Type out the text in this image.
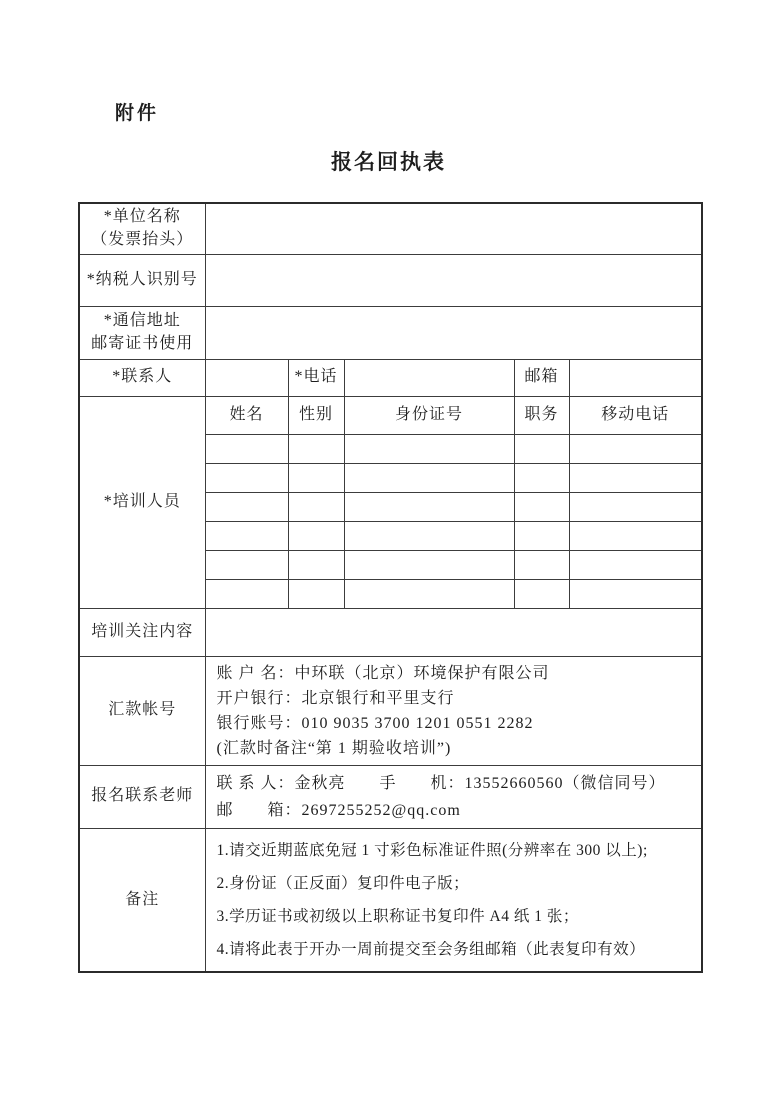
附件
报名回执表
*单位名称
（发票抬头）					

*纳税人识别号					

*通信地址
邮寄证书使用					

*联系人		*电话		邮箱	
*培训人员	姓名	性别	身份证号	职务	移动电话

培训关注内容					
汇款帐号	账 户 名：中环联（北京）环境保护有限公司
开户银行：北京银行和平里支行
银行账号：010 9035 3700 1201 0551 2282
(汇款时备注“第 1 期验收培训”)				

报名联系老师	联 系 人：金秋亮　　手　　机：13552660560（微信同号）
邮　　箱：2697255252@qq.com				

备注	1.请交近期蓝底免冠 1 寸彩色标准证件照(分辨率在 300 以上);
2.身份证（正反面）复印件电子版；
3.学历证书或初级以上职称证书复印件 A4 纸 1 张；
4.请将此表于开办一周前提交至会务组邮箱（此表复印有效）				
